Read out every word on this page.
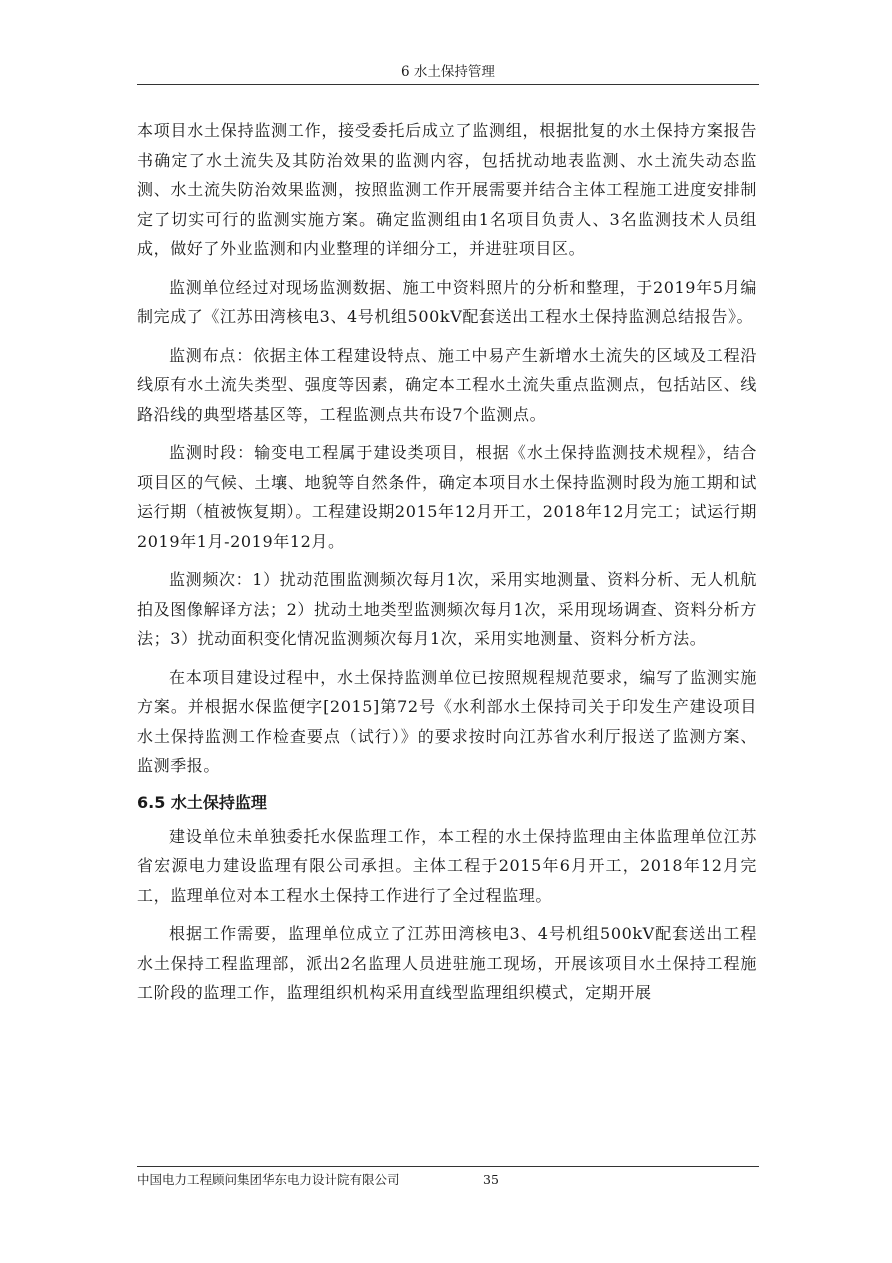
6 水土保持管理

本项目水土保持监测工作，接受委托后成立了监测组，根据批复的水土保持方案报告书确定了水土流失及其防治效果的监测内容，包括扰动地表监测、水土流失动态监测、水土流失防治效果监测，按照监测工作开展需要并结合主体工程施工进度安排制定了切实可行的监测实施方案。确定监测组由1名项目负责人、3名监测技术人员组成，做好了外业监测和内业整理的详细分工，并进驻项目区。

监测单位经过对现场监测数据、施工中资料照片的分析和整理，于2019年5月编制完成了《江苏田湾核电3、4号机组500kV配套送出工程水土保持监测总结报告》。

监测布点：依据主体工程建设特点、施工中易产生新增水土流失的区域及工程沿线原有水土流失类型、强度等因素，确定本工程水土流失重点监测点，包括站区、线路沿线的典型塔基区等，工程监测点共布设7个监测点。

监测时段：输变电工程属于建设类项目，根据《水土保持监测技术规程》，结合项目区的气候、土壤、地貌等自然条件，确定本项目水土保持监测时段为施工期和试运行期（植被恢复期）。工程建设期2015年12月开工，2018年12月完工；试运行期2019年1月-2019年12月。

监测频次：1）扰动范围监测频次每月1次，采用实地测量、资料分析、无人机航拍及图像解译方法；2）扰动土地类型监测频次每月1次，采用现场调查、资料分析方法；3）扰动面积变化情况监测频次每月1次，采用实地测量、资料分析方法。

在本项目建设过程中，水土保持监测单位已按照规程规范要求，编写了监测实施方案。并根据水保监便字[2015]第72号《水利部水土保持司关于印发生产建设项目水土保持监测工作检查要点（试行）》的要求按时向江苏省水利厅报送了监测方案、监测季报。

6.5 水土保持监理

建设单位未单独委托水保监理工作，本工程的水土保持监理由主体监理单位江苏省宏源电力建设监理有限公司承担。主体工程于2015年6月开工，2018年12月完工，监理单位对本工程水土保持工作进行了全过程监理。

根据工作需要，监理单位成立了江苏田湾核电3、4号机组500kV配套送出工程水土保持工程监理部，派出2名监理人员进驻施工现场，开展该项目水土保持工程施工阶段的监理工作，监理组织机构采用直线型监理组织模式，定期开展

中国电力工程顾问集团华东电力设计院有限公司	35
